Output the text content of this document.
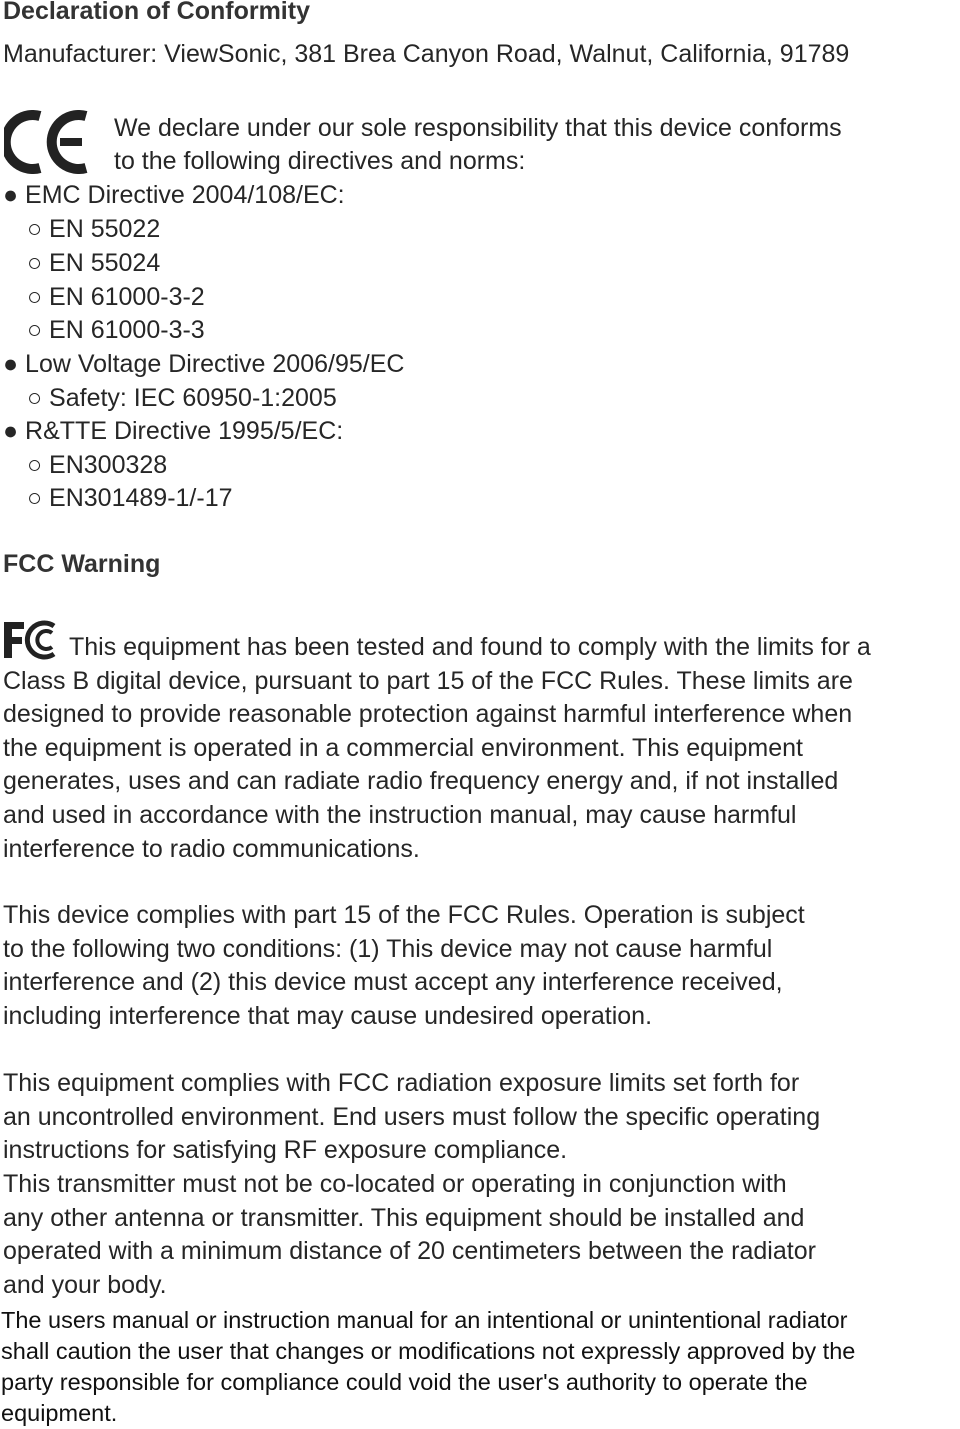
Declaration of Conformity

Manufacturer: ViewSonic, 381 Brea Canyon Road, Walnut, California, 91789

We declare under our sole responsibility that this device conforms
to the following directives and norms:

● EMC Directive 2004/108/EC:

○ EN 55022

○ EN 55024

○ EN 61000-3-2

○ EN 61000-3-3

● Low Voltage Directive 2006/95/EC

○ Safety: IEC 60950-1:2005

● R&TTE Directive 1995/5/EC:

○ EN300328

○ EN301489-1/-17

FCC Warning

This equipment has been tested and found to comply with the limits for a
Class B digital device, pursuant to part 15 of the FCC Rules. These limits are
designed to provide reasonable protection against harmful interference when
the equipment is operated in a commercial environment. This equipment
generates, uses and can radiate radio frequency energy and, if not installed
and used in accordance with the instruction manual, may cause harmful
interference to radio communications.

This device complies with part 15 of the FCC Rules. Operation is subject
to the following two conditions: (1) This device may not cause harmful
interference and (2) this device must accept any interference received,
including interference that may cause undesired operation.

This equipment complies with FCC radiation exposure limits set forth for
an uncontrolled environment. End users must follow the specific operating
instructions for satisfying RF exposure compliance.

This transmitter must not be co-located or operating in conjunction with
any other antenna or transmitter. This equipment should be installed and
operated with a minimum distance of 20 centimeters between the radiator
and your body.

The users manual or instruction manual for an intentional or unintentional radiator
shall caution the user that changes or modifications not expressly approved by the
party responsible for compliance could void the user's authority to operate the
equipment.
